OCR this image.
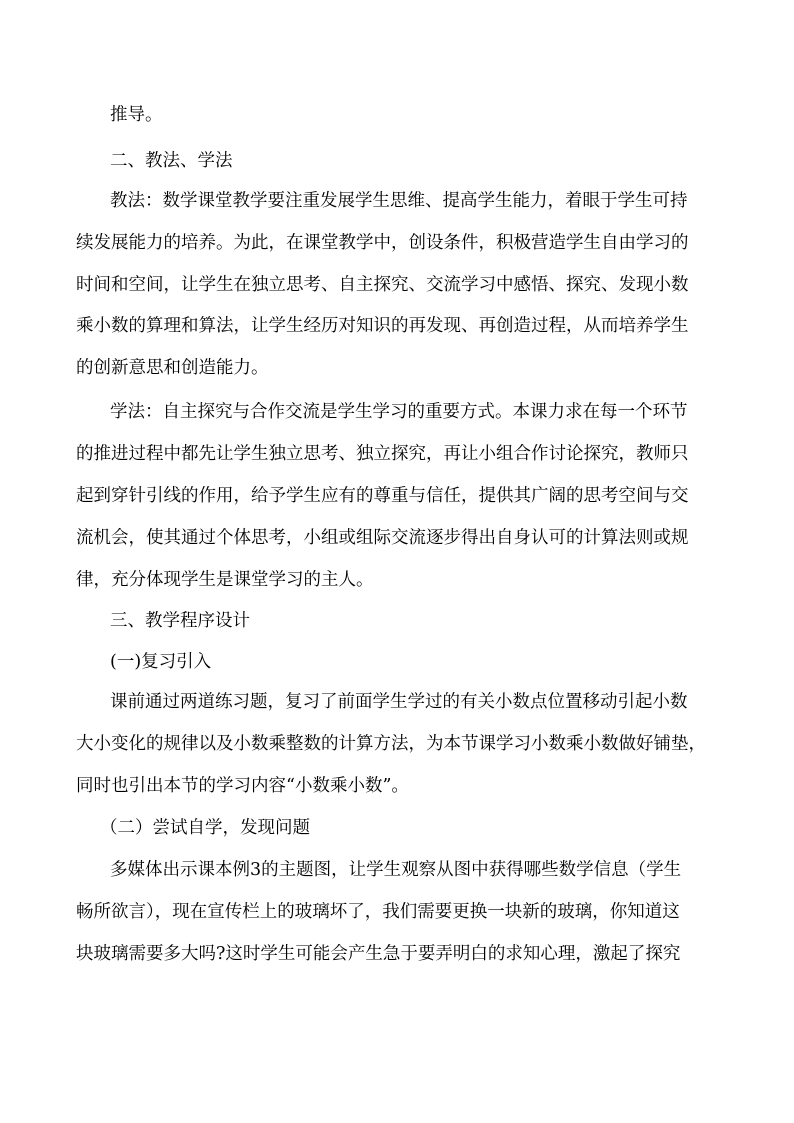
推导。
二、教法、学法
教法：数学课堂教学要注重发展学生思维、提高学生能力，着眼于学生可持
续发展能力的培养。为此，在课堂教学中，创设条件，积极营造学生自由学习的
时间和空间，让学生在独立思考、自主探究、交流学习中感悟、探究、发现小数
乘小数的算理和算法，让学生经历对知识的再发现、再创造过程，从而培养学生
的创新意思和创造能力。
学法：自主探究与合作交流是学生学习的重要方式。本课力求在每一个环节
的推进过程中都先让学生独立思考、独立探究，再让小组合作讨论探究，教师只
起到穿针引线的作用，给予学生应有的尊重与信任，提供其广阔的思考空间与交
流机会，使其通过个体思考，小组或组际交流逐步得出自身认可的计算法则或规
律，充分体现学生是课堂学习的主人。
三、教学程序设计
(一)复习引入
课前通过两道练习题，复习了前面学生学过的有关小数点位置移动引起小数
大小变化的规律以及小数乘整数的计算方法，为本节课学习小数乘小数做好铺垫，
同时也引出本节的学习内容“小数乘小数”。
（二）尝试自学，发现问题
多媒体出示课本例3的主题图，让学生观察从图中获得哪些数学信息（学生
畅所欲言），现在宣传栏上的玻璃坏了，我们需要更换一块新的玻璃，你知道这
块玻璃需要多大吗?这时学生可能会产生急于要弄明白的求知心理，激起了探究
